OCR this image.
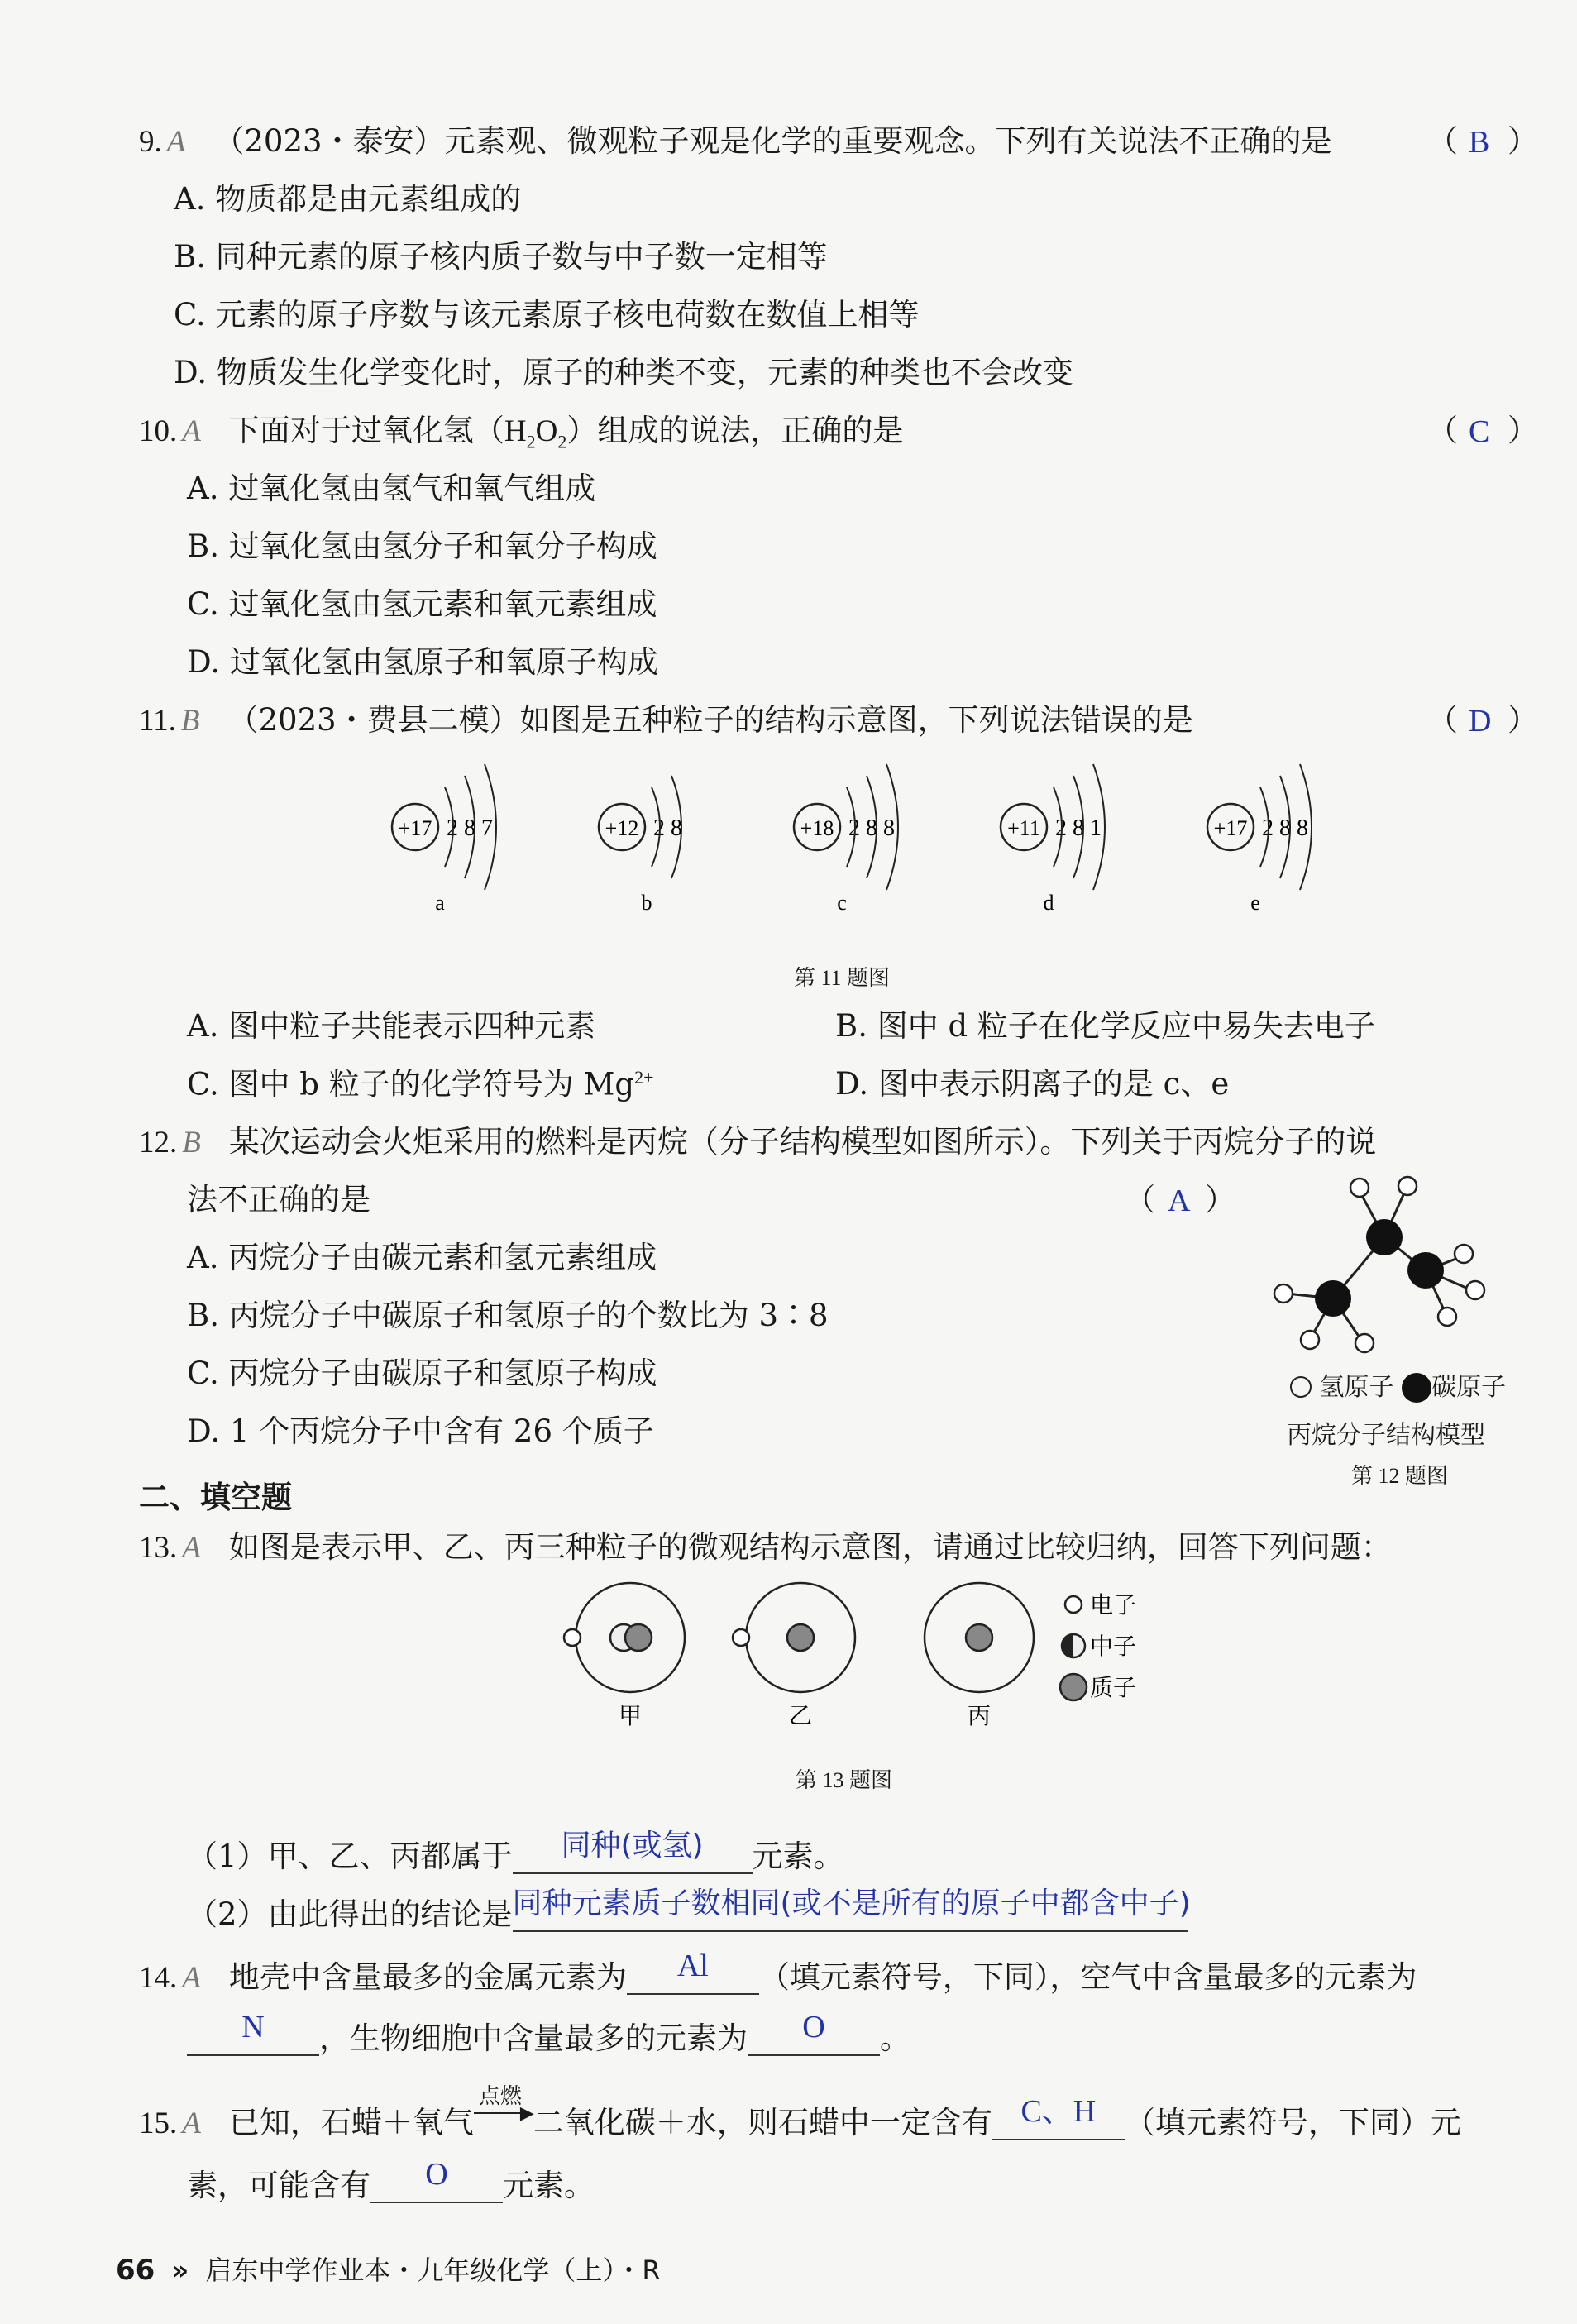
9. A （2023・泰安）元素观、微观粒子观是化学的重要观念。下列有关说法不正确的是	（ ）
B
A. 物质都是由元素组成的
B. 同种元素的原子核内质子数与中子数一定相等
C. 元素的原子序数与该元素原子核电荷数在数值上相等
D. 物质发生化学变化时，原子的种类不变，元素的种类也不会改变
10. A 下面对于过氧化氢$(H_2O_2)$组成的说法，正确的是	（ ）
C
A. 过氧化氢由氢气和氧气组成
B. 过氧化氢由氢分子和氧分子构成
C. 过氧化氢由氢元素和氧元素组成
D. 过氧化氢由氢原子和氧原子构成
11. B （2023・费县二模）如图是五种粒子的结构示意图，下列说法错误的是	（ ）
D
+17 2 8 7
a
+12 2 8
b
+18 2 8 8
c
+11 2 8 1
d
+17 2 8 8
e
第 11 题图
A. 图中粒子共能表示四种元素	B. 图中 d 粒子在化学反应中易失去电子
C. 图中 b 粒子的化学符号为 $Mg^{2+}$	D. 图中表示阴离子的是 c、e
12. B 某次运动会火炬采用的燃料是丙烷（分子结构模型如图所示）。下列关于丙烷分子的说
法不正确的是	（ ）
A
A. 丙烷分子由碳元素和氢元素组成
B. 丙烷分子中碳原子和氢原子的个数比为 3∶8
C. 丙烷分子由碳原子和氢原子构成
D. 1 个丙烷分子中含有 26 个质子
氢原子 碳原子
丙烷分子结构模型
第 12 题图
二、填空题
13. A 如图是表示甲、乙、丙三种粒子的微观结构示意图，请通过比较归纳，回答下列问题：
甲	乙	丙
电子
中子
质子
第 13 题图
（1）甲、乙、丙都属于 同种(或氢) 元素。
（2）由此得出的结论是同种元素质子数相同(或不是所有的原子中都含中子)
14. A 地壳中含量最多的金属元素为 Al （填元素符号，下同），空气中含量最多的元素为
N ，生物细胞中含量最多的元素为 O 。
15. A 已知，石蜡＋氧气
点燃
▶ 二氧化碳＋水，则石蜡中一定含有 C、H （填元素符号，下同）元
素，可能含有 O 元素。
66 » 启东中学作业本・九年级化学（上）・R
